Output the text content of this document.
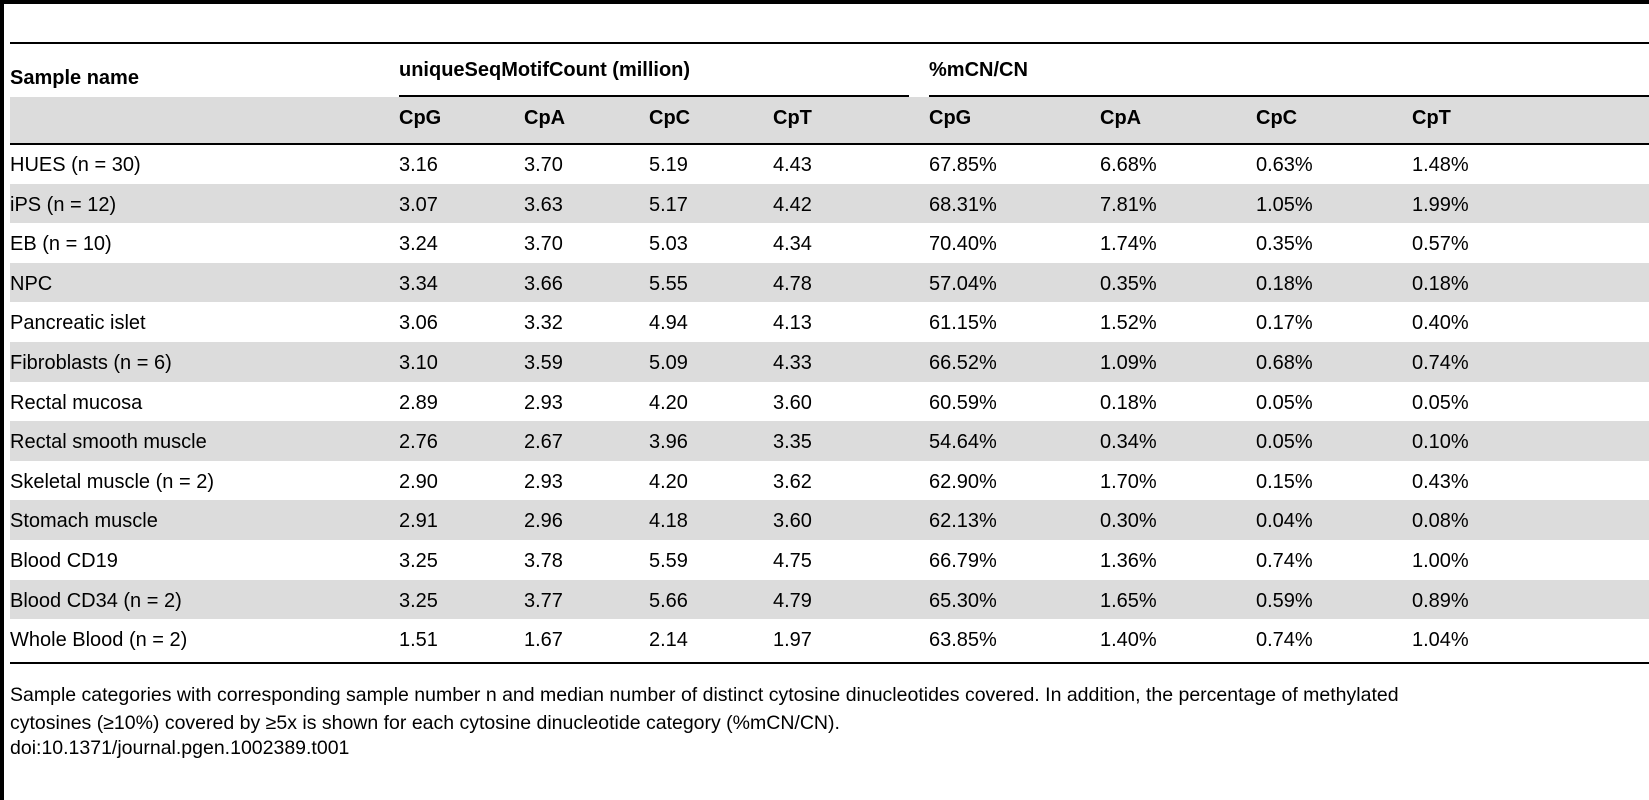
Sample name	uniqueSeqMotifCount (million)	%mCN/CN
CpG	CpA	CpC	CpT	CpG	CpA	CpC	CpT
HUES (n = 30)	3.16	3.70	5.19	4.43	67.85%	6.68%	0.63%	1.48%
iPS (n = 12)	3.07	3.63	5.17	4.42	68.31%	7.81%	1.05%	1.99%
EB (n = 10)	3.24	3.70	5.03	4.34	70.40%	1.74%	0.35%	0.57%
NPC	3.34	3.66	5.55	4.78	57.04%	0.35%	0.18%	0.18%
Pancreatic islet	3.06	3.32	4.94	4.13	61.15%	1.52%	0.17%	0.40%
Fibroblasts (n = 6)	3.10	3.59	5.09	4.33	66.52%	1.09%	0.68%	0.74%
Rectal mucosa	2.89	2.93	4.20	3.60	60.59%	0.18%	0.05%	0.05%
Rectal smooth muscle	2.76	2.67	3.96	3.35	54.64%	0.34%	0.05%	0.10%
Skeletal muscle (n = 2)	2.90	2.93	4.20	3.62	62.90%	1.70%	0.15%	0.43%
Stomach muscle	2.91	2.96	4.18	3.60	62.13%	0.30%	0.04%	0.08%
Blood CD19	3.25	3.78	5.59	4.75	66.79%	1.36%	0.74%	1.00%
Blood CD34 (n = 2)	3.25	3.77	5.66	4.79	65.30%	1.65%	0.59%	0.89%
Whole Blood (n = 2)	1.51	1.67	2.14	1.97	63.85%	1.40%	0.74%	1.04%
Sample categories with corresponding sample number n and median number of distinct cytosine dinucleotides covered. In addition, the percentage of methylated
cytosines (≥10%) covered by ≥5x is shown for each cytosine dinucleotide category (%mCN/CN).
doi:10.1371/journal.pgen.1002389.t001
